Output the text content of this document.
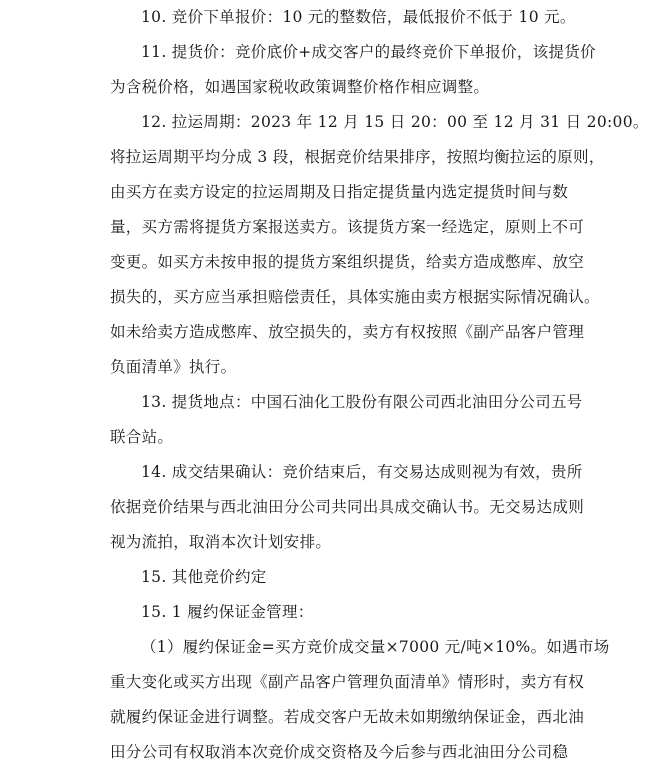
10. 竞价下单报价：10 元的整数倍，最低报价不低于 10 元。

11. 提货价：竞价底价+成交客户的最终竞价下单报价，该提货价
为含税价格，如遇国家税收政策调整价格作相应调整。

12. 拉运周期：2023 年 12 月 15 日 20：00 至 12 月 31 日 20:00。
将拉运周期平均分成 3 段，根据竞价结果排序，按照均衡拉运的原则，
由买方在卖方设定的拉运周期及日指定提货量内选定提货时间与数
量，买方需将提货方案报送卖方。该提货方案一经选定，原则上不可
变更。如买方未按申报的提货方案组织提货，给卖方造成憋库、放空
损失的，买方应当承担赔偿责任，具体实施由卖方根据实际情况确认。
如未给卖方造成憋库、放空损失的，卖方有权按照《副产品客户管理
负面清单》执行。

13. 提货地点：中国石油化工股份有限公司西北油田分公司五号
联合站。

14. 成交结果确认：竞价结束后，有交易达成则视为有效，贵所
依据竞价结果与西北油田分公司共同出具成交确认书。无交易达成则
视为流拍，取消本次计划安排。

15. 其他竞价约定

15. 1 履约保证金管理：

（1）履约保证金=买方竞价成交量×7000 元/吨×10%。如遇市场
重大变化或买方出现《副产品客户管理负面清单》情形时，卖方有权
就履约保证金进行调整。若成交客户无故未如期缴纳保证金，西北油
田分公司有权取消本次竞价成交资格及今后参与西北油田分公司稳
